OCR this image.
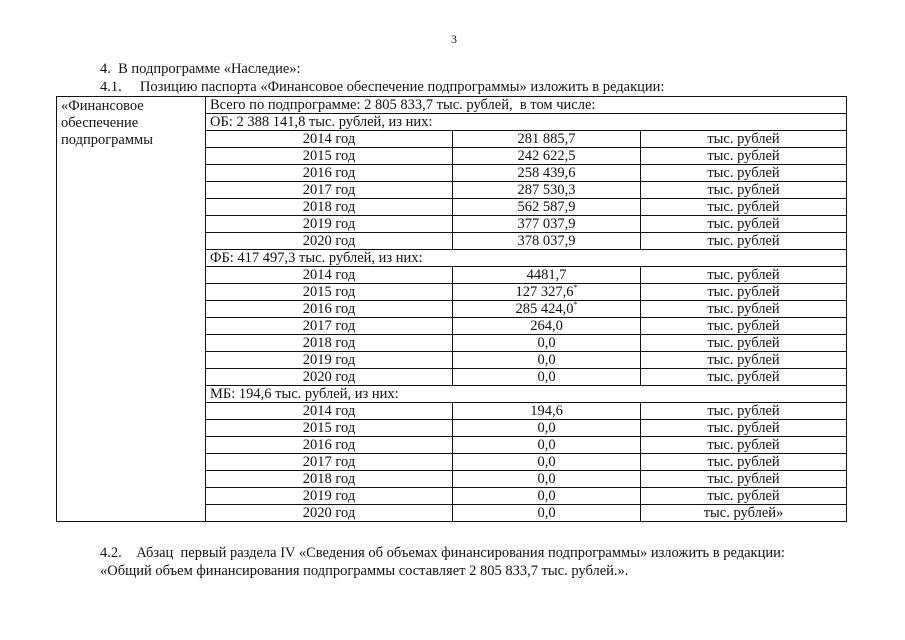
3
4.  В подпрограмме «Наследие»:
4.1.     Позицию паспорта «Финансовое обеспечение подпрограммы» изложить в редакции:
«Финансовое обеспечение подпрограммы	Всего по подпрограмме: 2 805 833,7 тыс. рублей,  в том числе:		
	ОБ: 2 388 141,8 тыс. рублей, из них:		
	2014 год	281 885,7	тыс. рублей
	2015 год	242 622,5	тыс. рублей
	2016 год	258 439,6	тыс. рублей
	2017 год	287 530,3	тыс. рублей
	2018 год	562 587,9	тыс. рублей
	2019 год	377 037,9	тыс. рублей
	2020 год	378 037,9	тыс. рублей
	ФБ: 417 497,3 тыс. рублей, из них:		
	2014 год	4481,7	тыс. рублей
	2015 год	127 327,6*	тыс. рублей
	2016 год	285 424,0*	тыс. рублей
	2017 год	264,0	тыс. рублей
	2018 год	0,0	тыс. рублей
	2019 год	0,0	тыс. рублей
	2020 год	0,0	тыс. рублей
	МБ: 194,6 тыс. рублей, из них:		
	2014 год	194,6	тыс. рублей
	2015 год	0,0	тыс. рублей
	2016 год	0,0	тыс. рублей
	2017 год	0,0	тыс. рублей
	2018 год	0,0	тыс. рублей
	2019 год	0,0	тыс. рублей
	2020 год	0,0	тыс. рублей»
4.2.    Абзац  первый раздела IV «Сведения об объемах финансирования подпрограммы» изложить в редакции:
«Общий объем финансирования подпрограммы составляет 2 805 833,7 тыс. рублей.».
